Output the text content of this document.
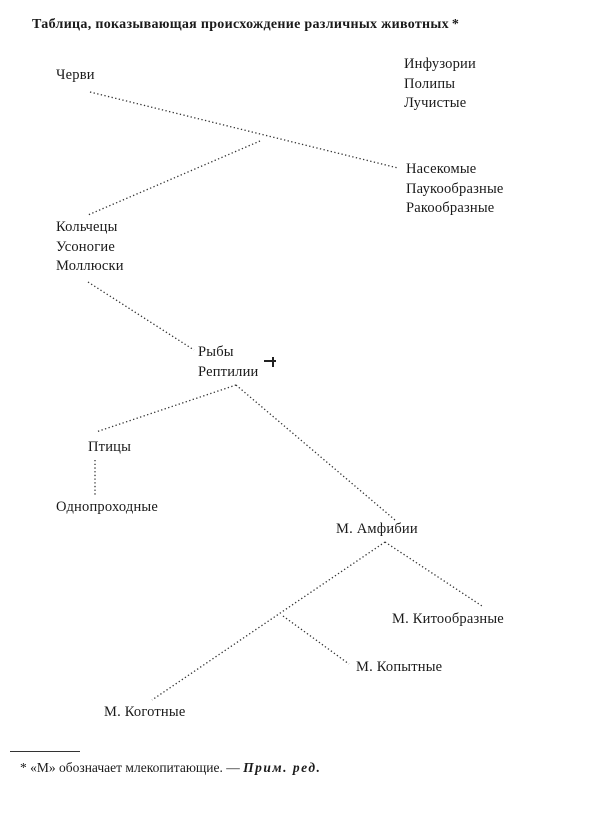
Таблица, показывающая происхождение различных животных *
Инфузории
Полипы
Лучистые
Черви
Насекомые
Паукообразные
Ракообразные
Кольчецы
Усоногие
Моллюски
Рыбы
Рептилии
Птицы
Однопроходные
М. Амфибии
М. Китообразные
М. Копытные
М. Коготные
* «М» обозначает млекопитающие. — Прим. ред.
